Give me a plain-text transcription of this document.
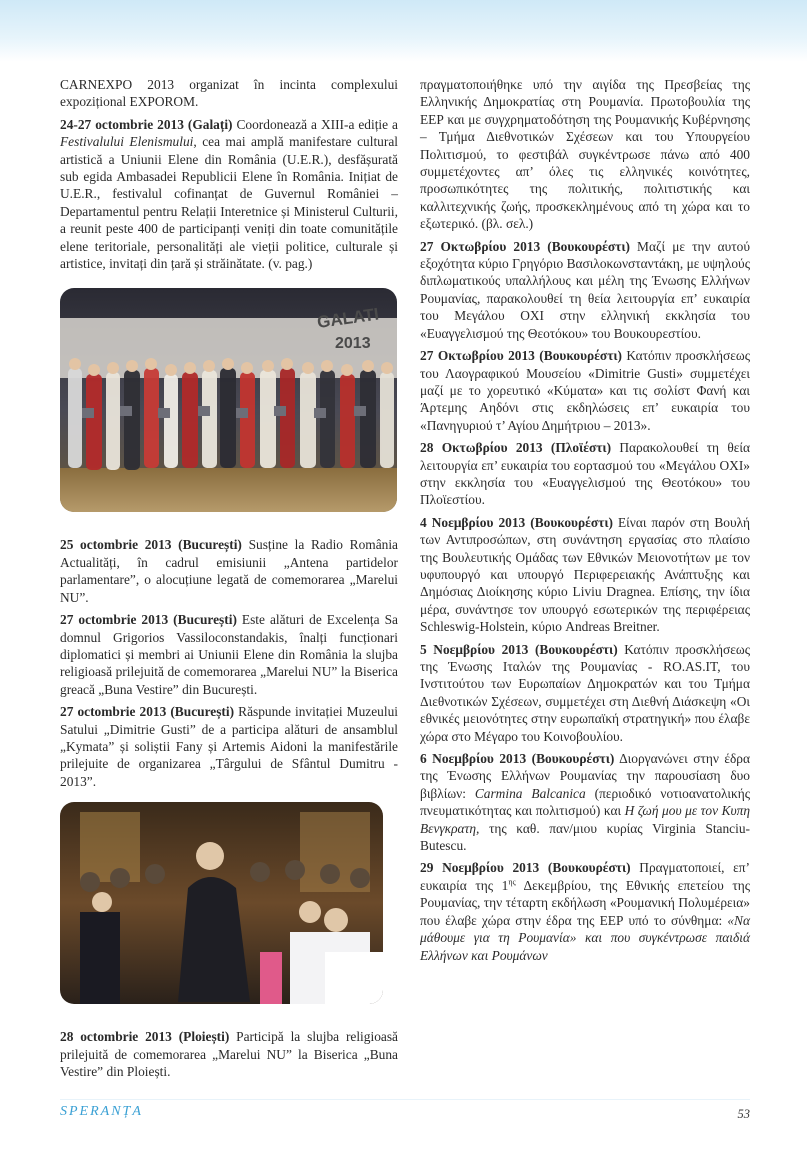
CARNEXPO 2013 organizat în incinta complexului expozițional EXPOROM.

24-27 octombrie 2013 (Galați) Coordonează a XIII-a ediție a Festivalului Elenismului, cea mai amplă manifestare cultural artistică a Uniunii Elene din România (U.E.R.), desfășurată sub egida Ambasadei Republicii Elene în România. Inițiat de U.E.R., festivalul cofinanțat de Guvernul României – Departamentul pentru Relații Interetnice și Ministerul Culturii, a reunit peste 400 de participanți veniți din toate comunitățile elene teritoriale, personalități ale vieții politice, culturale și artistice, invitați din țară și străinătate. (v. pag.)

GALATI
2013

25 octombrie 2013 (București) Susține la Radio România Actualități, în cadrul emisiunii „Antena partidelor parlamentare”, o alocuțiune legată de comemorarea „Marelui NU”.

27 octombrie 2013 (București) Este alături de Excelența Sa domnul Grigorios Vassiloconstandakis, înalți funcționari diplomatici și membri ai Uniunii Elene din România la slujba religioasă prilejuită de comemorarea „Marelui NU” la Biserica greacă „Buna Vestire” din București.

27 octombrie 2013 (București) Răspunde invitației Muzeului Satului „Dimitrie Gusti” de a participa alături de ansamblul „Kymata” și soliștii Fany și Artemis Aidoni la manifestările prilejuite de organizarea „Târgului de Sfântul Dumitru - 2013”.

28 octombrie 2013 (Ploiești) Participă la slujba religioasă prilejuită de comemorarea „Marelui NU” la Biserica „Buna Vestire” din Ploiești.

πραγματοποιήθηκε υπό την αιγίδα της Πρεσβείας της Ελληνικής Δημοκρατίας στη Ρουμανία. Πρωτοβουλία της ΕΕΡ και με συγχρηματοδότηση της Ρουμανικής Κυβέρνησης – Τμήμα Διεθνοτικών Σχέσεων και του Υπουργείου Πολιτισμού, το φεστιβάλ συγκέντρωσε πάνω από 400 συμμετέχοντες απ’ όλες τις ελληνικές κοινότητες, προσωπικότητες της πολιτικής, πολιτιστικής και καλλιτεχνικής ζωής, προσκεκλημένους από τη χώρα και το εξωτερικό. (βλ. σελ.)

27 Οκτωβρίου 2013 (Βουκουρέστι) Μαζί με την αυτού εξοχότητα κύριο Γρηγόριο Βασιλοκωνσταντάκη, με υψηλούς διπλωματικούς υπαλλήλους και μέλη της Ένωσης Ελλήνων Ρουμανίας, παρακολουθεί τη θεία λειτουργία επ’ ευκαιρία του Μεγάλου ΟΧΙ στην ελληνική εκκλησία του «Ευαγγελισμού της Θεοτόκου» του Βουκουρεστίου.

27 Οκτωβρίου 2013 (Βουκουρέστι) Κατόπιν προσκλήσεως του Λαογραφικού Μουσείου «Dimitrie Gusti» συμμετέχει μαζί με το χορευτικό «Κύματα» και τις σολίστ Φανή και Άρτεμης Αηδόνι στις εκδηλώσεις επ’ ευκαιρία του «Πανηγυριού τ’ Αγίου Δημήτριου – 2013».

28 Οκτωβρίου 2013 (Πλοϊέστι) Παρακολουθεί τη θεία λειτουργία επ’ ευκαιρία του εορτασμού του «Μεγάλου ΟΧΙ» στην εκκλησία του «Ευαγγελισμού της Θεοτόκου» του Πλοϊεστίου.

4 Νοεμβρίου 2013 (Βουκουρέστι) Είναι παρόν στη Βουλή των Αντιπροσώπων, στη συνάντηση εργασίας στο πλαίσιο της Βουλευτικής Ομάδας των Εθνικών Μειονοτήτων με τον υφυπουργό και υπουργό Περιφερειακής Ανάπτυξης και Δημόσιας Διοίκησης κύριο Liviu Dragnea. Επίσης, την ίδια μέρα, συνάντησε τον υπουργό εσωτερικών της περιφέρειας Schleswig-Holstein, κύριο Andreas Breitner.

5 Νοεμβρίου 2013 (Βουκουρέστι) Κατόπιν προσκλήσεως της Ένωσης Ιταλών της Ρουμανίας - RO.AS.IT, του Ινστιτούτου των Ευρωπαίων Δημοκρατών και του Τμήμα Διεθνοτικών Σχέσεων, συμμετέχει στη Διεθνή Διάσκεψη «Οι εθνικές μειονότητες στην ευρωπαϊκή στρατηγική» που έλαβε χώρα στο Μέγαρο του Κοινοβουλίου.

6 Νοεμβρίου 2013 (Βουκουρέστι) Διοργανώνει στην έδρα της Ένωσης Ελλήνων Ρουμανίας την παρουσίαση δυο βιβλίων: Carmina Balcanica (περιοδικό νοτιοανατολικής πνευματικότητας και πολιτισμού) και Η ζωή μου με τον Κυπη Βενγκρατη, της καθ. παν/μιου κυρίας Virginia Stanciu-Butescu.

29 Νοεμβρίου 2013 (Βουκουρέστι) Πραγματοποιεί, επ’ ευκαιρία της $1^{\eta\varsigma}$ Δεκεμβρίου, της Εθνικής επετείου της Ρουμανίας, την τέταρτη εκδήλωση «Ρουμανική Πολυμέρεια» που έλαβε χώρα στην έδρα της ΕΕΡ υπό το σύνθημα: «Να μάθουμε για τη Ρουμανία» και που συγκέντρωσε παιδιά Ελλήνων και Ρουμάνων

SPERANȚA	53
